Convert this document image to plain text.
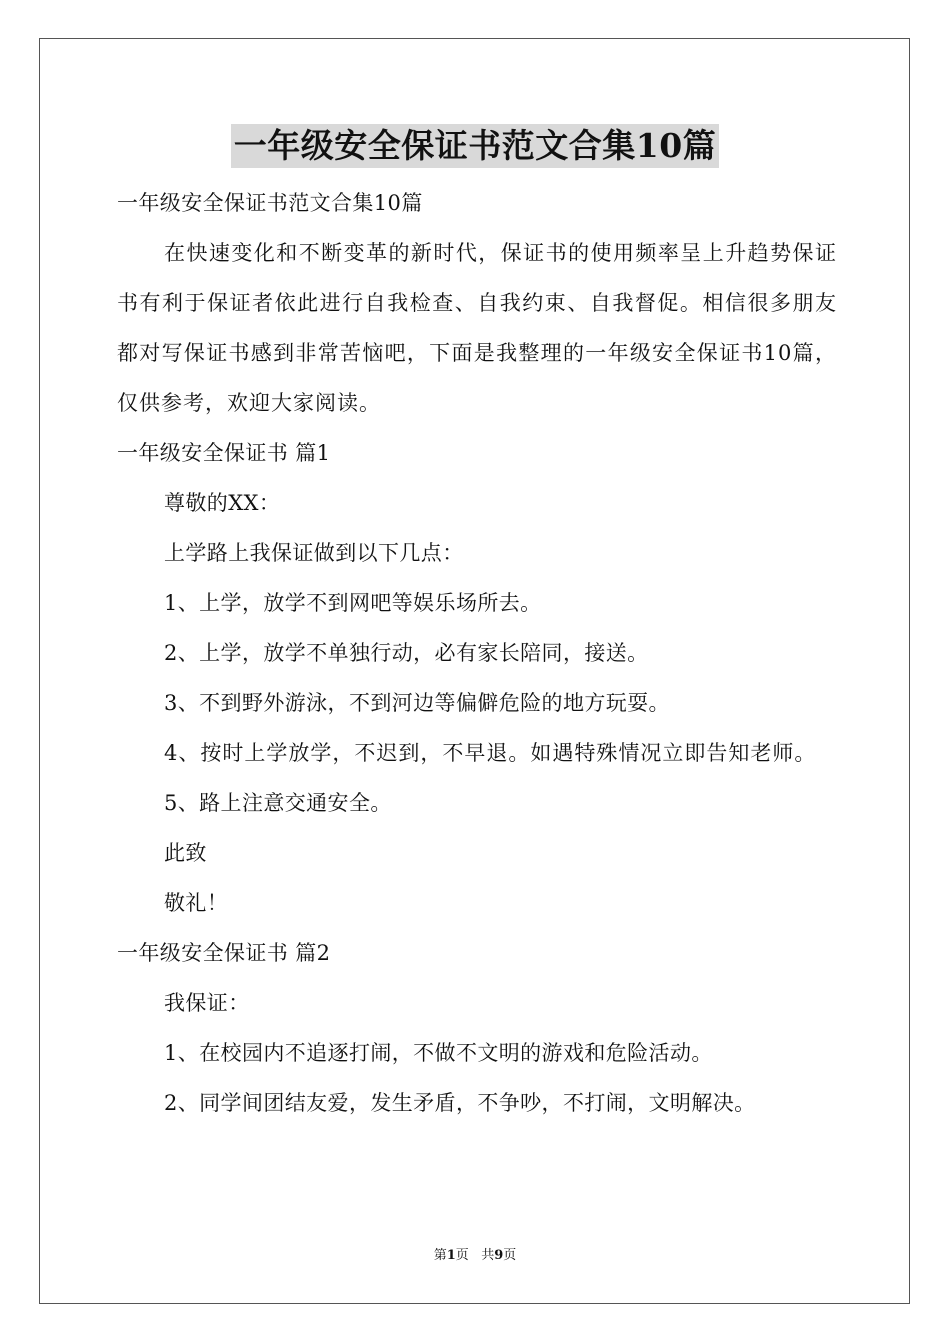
一年级安全保证书范文合集10篇

一年级安全保证书范文合集10篇

在快速变化和不断变革的新时代，保证书的使用频率呈上升趋势保证书有利于保证者依此进行自我检查、自我约束、自我督促。相信很多朋友都对写保证书感到非常苦恼吧，下面是我整理的一年级安全保证书10篇，仅供参考，欢迎大家阅读。

一年级安全保证书 篇1

尊敬的XX：

上学路上我保证做到以下几点：

1、上学，放学不到网吧等娱乐场所去。

2、上学，放学不单独行动，必有家长陪同，接送。

3、不到野外游泳，不到河边等偏僻危险的地方玩耍。

4、按时上学放学，不迟到，不早退。如遇特殊情况立即告知老师。

5、路上注意交通安全。

此致

敬礼！

一年级安全保证书 篇2

我保证：

1、在校园内不追逐打闹，不做不文明的游戏和危险活动。

2、同学间团结友爱，发生矛盾，不争吵，不打闹，文明解决。

第1页 共9页
